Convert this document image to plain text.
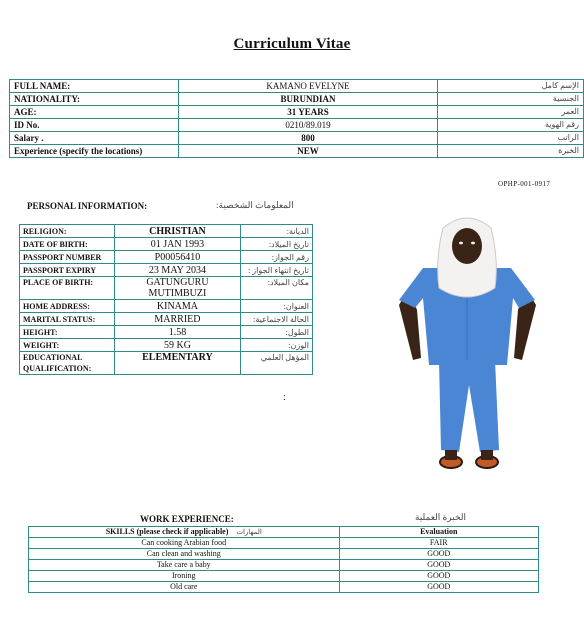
Curriculum Vitae
FULL NAME:	KAMANO EVELYNE	الإسم كامل
NATIONALITY:	BURUNDIAN	الجنسية
AGE:	31 YEARS	العمر
ID No.	0210/89.019	رقم الهوية
Salary .	800	الراتب
Experience (specify the locations)	NEW	الخبرة
OPHP-001-0917
PERSONAL INFORMATION:	المعلومات الشخصية:
RELIGION:	CHRISTIAN	الديانة:
DATE OF BIRTH:	01 JAN 1993	تاريخ الميلاد:
PASSPORT NUMBER	P00056410	رقم الجواز:
PASSPORT EXPIRY	23 MAY 2034	تاريخ انتهاء الجواز :
PLACE OF BIRTH:	GATUNGURU MUTIMBUZI	مكان الميلاد:
HOME ADDRESS:	KINAMA	العنوان:
MARITAL STATUS:	MARRIED	الحالة الاجتماعية:
HEIGHT:	1.58	الطول:
WEIGHT:	59 KG	الوزن:
EDUCATIONAL QUALIFICATION:	ELEMENTARY	المؤهل العلمي
:
WORK EXPERIENCE:	الخبرة العملية
SKILLS (please check if applicable) المهارات	Evaluation
Can cooking Arabian food	FAIR
Can clean and washing	GOOD
Take care a baby	GOOD
Ironing	GOOD
Old care	GOOD
